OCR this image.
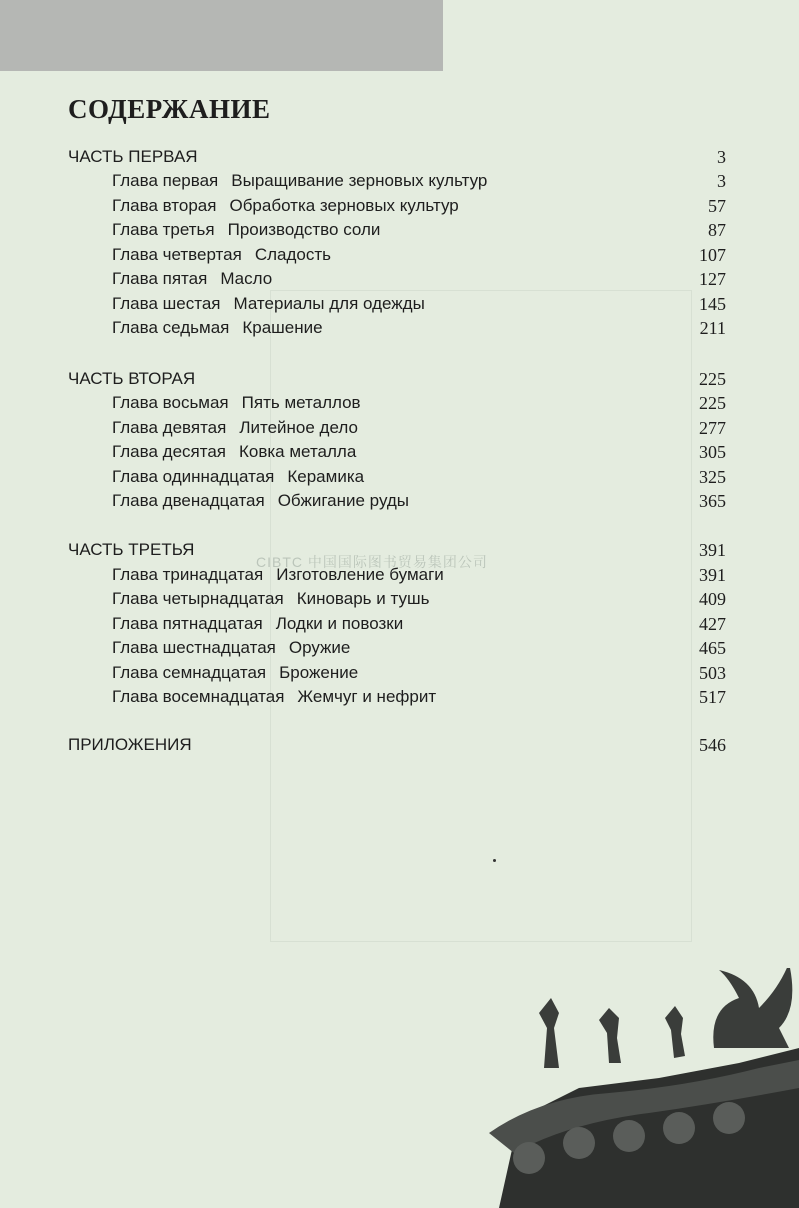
СОДЕРЖАНИЕ
ЧАСТЬ ПЕРВАЯ	3
Глава первая Выращивание зерновых культур	3
Глава вторая Обработка зерновых культур	57
Глава третья Производство соли	87
Глава четвертая Сладость	107
Глава пятая Масло	127
Глава шестая Материалы для одежды	145
Глава седьмая Крашение	211
ЧАСТЬ ВТОРАЯ	225
Глава восьмая Пять металлов	225
Глава девятая Литейное дело	277
Глава десятая Ковка металла	305
Глава одиннадцатая Керамика	325
Глава двенадцатая Обжигание руды	365
ЧАСТЬ ТРЕТЬЯ	391
Глава тринадцатая Изготовление бумаги	391
Глава четырнадцатая Киноварь и тушь	409
Глава пятнадцатая Лодки и повозки	427
Глава шестнадцатая Оружие	465
Глава семнадцатая Брожение	503
Глава восемнадцатая Жемчуг и нефрит	517
ПРИЛОЖЕНИЯ	546
CIBTC 中国国际图书贸易集团公司
